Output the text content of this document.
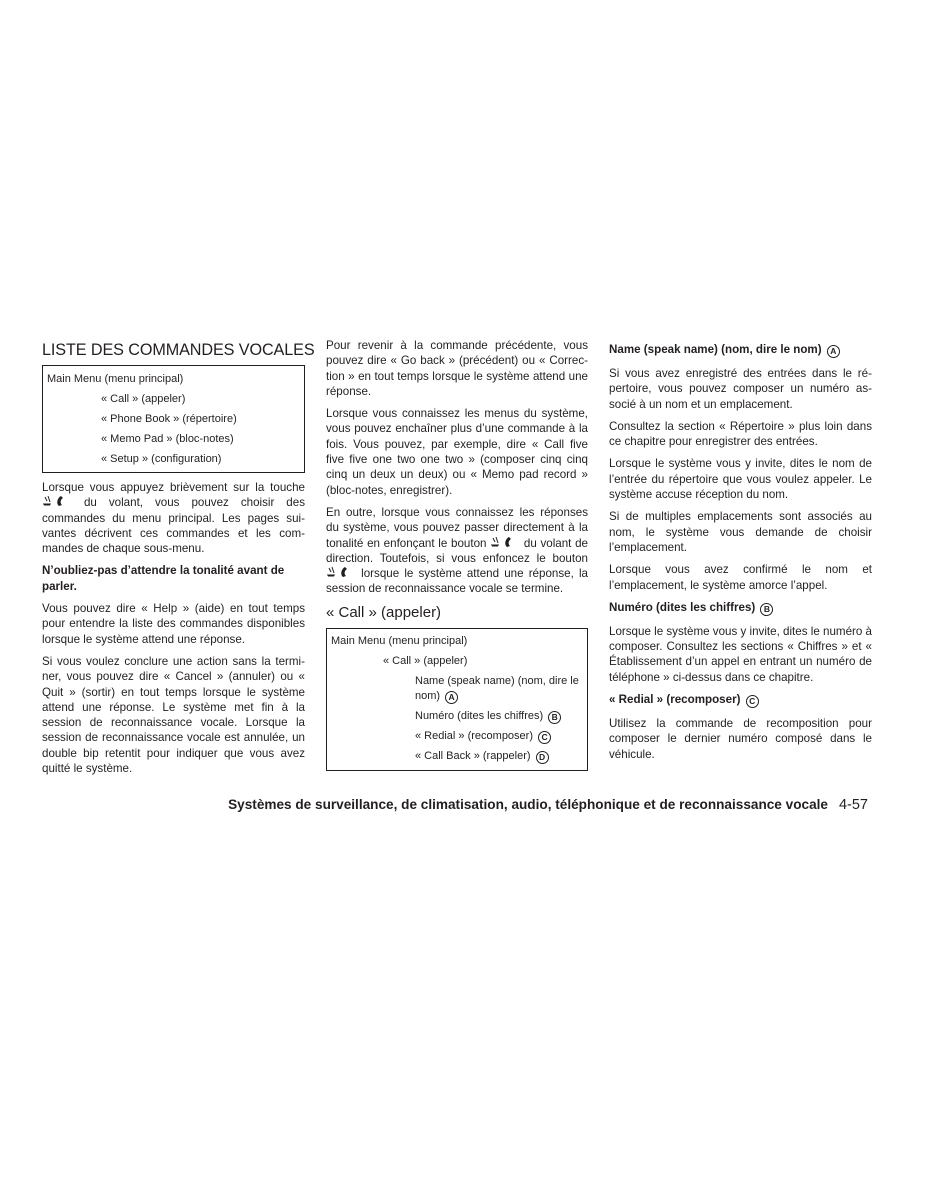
LISTE DES COMMANDES VOCALES
Main Menu (menu principal)
« Call » (appeler)
« Phone Book » (répertoire)
« Memo Pad » (bloc-notes)
« Setup » (configuration)

Lorsque vous appuyez brièvement sur la touche  du volant, vous pouvez choisir des commandes du menu principal. Les pages suivantes décrivent ces commandes et les commandes de chaque sous-menu.

N’oubliez-pas d’attendre la tonalité avant de parler.

Vous pouvez dire « Help » (aide) en tout temps pour entendre la liste des commandes disponibles lorsque le système attend une réponse.

Si vous voulez conclure une action sans la terminer, vous pouvez dire « Cancel » (annuler) ou « Quit » (sortir) en tout temps lorsque le système attend une réponse. Le système met fin à la session de reconnaissance vocale. Lorsque la session de reconnaissance vocale est annulée, un double bip retentit pour indiquer que vous avez quitté le système.

Pour revenir à la commande précédente, vous pouvez dire « Go back » (précédent) ou « Correction » en tout temps lorsque le système attend une réponse.

Lorsque vous connaissez les menus du système, vous pouvez enchaîner plus d’une commande à la fois. Vous pouvez, par exemple, dire « Call five five five one two one two » (composer cinq cinq cinq un deux un deux) ou « Memo pad record » (bloc-notes, enregistrer).

En outre, lorsque vous connaissez les réponses du système, vous pouvez passer directement à la tonalité en enfonçant le bouton	du volant de direction. Toutefois, si vous enfoncez le bouton  lorsque le système attend une réponse, la session de reconnaissance vocale se termine.

« Call » (appeler)
Main Menu (menu principal)
« Call » (appeler)
Name (speak name) (nom, dire le nom) A
Numéro (dites les chiffres) B
« Redial » (recomposer) C
« Call Back » (rappeler) D
Name (speak name) (nom, dire le nom) A

Si vous avez enregistré des entrées dans le répertoire, vous pouvez composer un numéro associé à un nom et un emplacement.

Consultez la section « Répertoire » plus loin dans ce chapitre pour enregistrer des entrées.

Lorsque le système vous y invite, dites le nom de l’entrée du répertoire que vous voulez appeler. Le système accuse réception du nom.

Si de multiples emplacements sont associés au nom, le système vous demande de choisir l’emplacement.

Lorsque vous avez confirmé le nom et l’emplacement, le système amorce l’appel.

Numéro (dites les chiffres) B

Lorsque le système vous y invite, dites le numéro à composer. Consultez les sections « Chiffres » et « Établissement d’un appel en entrant un numéro de téléphone » ci-dessus dans ce chapitre.

« Redial » (recomposer) C

Utilisez la commande de recomposition pour composer le dernier numéro composé dans le véhicule.

Systèmes de surveillance, de climatisation, audio, téléphonique et de reconnaissance vocale 4-57
